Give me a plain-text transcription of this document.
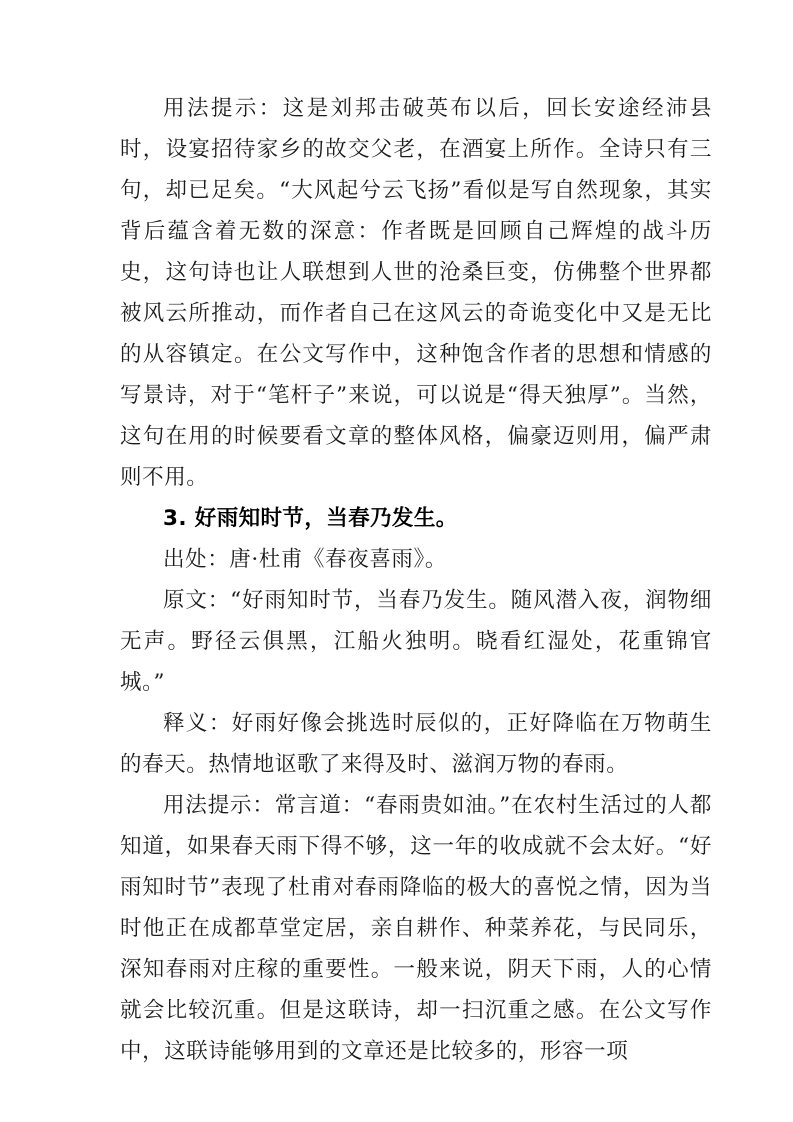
用法提示：这是刘邦击破英布以后，回长安途经沛县时，设宴招待家乡的故交父老，在酒宴上所作。全诗只有三句，却已足矣。“大风起兮云飞扬”看似是写自然现象，其实背后蕴含着无数的深意：作者既是回顾自己辉煌的战斗历史，这句诗也让人联想到人世的沧桑巨变，仿佛整个世界都被风云所推动，而作者自己在这风云的奇诡变化中又是无比的从容镇定。在公文写作中，这种饱含作者的思想和情感的写景诗，对于“笔杆子”来说，可以说是“得天独厚”。当然，这句在用的时候要看文章的整体风格，偏豪迈则用，偏严肃则不用。

3. 好雨知时节，当春乃发生。

出处：唐·杜甫《春夜喜雨》。

原文：“好雨知时节，当春乃发生。随风潜入夜，润物细无声。野径云俱黑，江船火独明。晓看红湿处，花重锦官城。”

释义：好雨好像会挑选时辰似的，正好降临在万物萌生的春天。热情地讴歌了来得及时、滋润万物的春雨。

用法提示：常言道：“春雨贵如油。”在农村生活过的人都知道，如果春天雨下得不够，这一年的收成就不会太好。“好雨知时节”表现了杜甫对春雨降临的极大的喜悦之情，因为当时他正在成都草堂定居，亲自耕作、种菜养花，与民同乐，深知春雨对庄稼的重要性。一般来说，阴天下雨，人的心情就会比较沉重。但是这联诗，却一扫沉重之感。在公文写作中，这联诗能够用到的文章还是比较多的，形容一项
